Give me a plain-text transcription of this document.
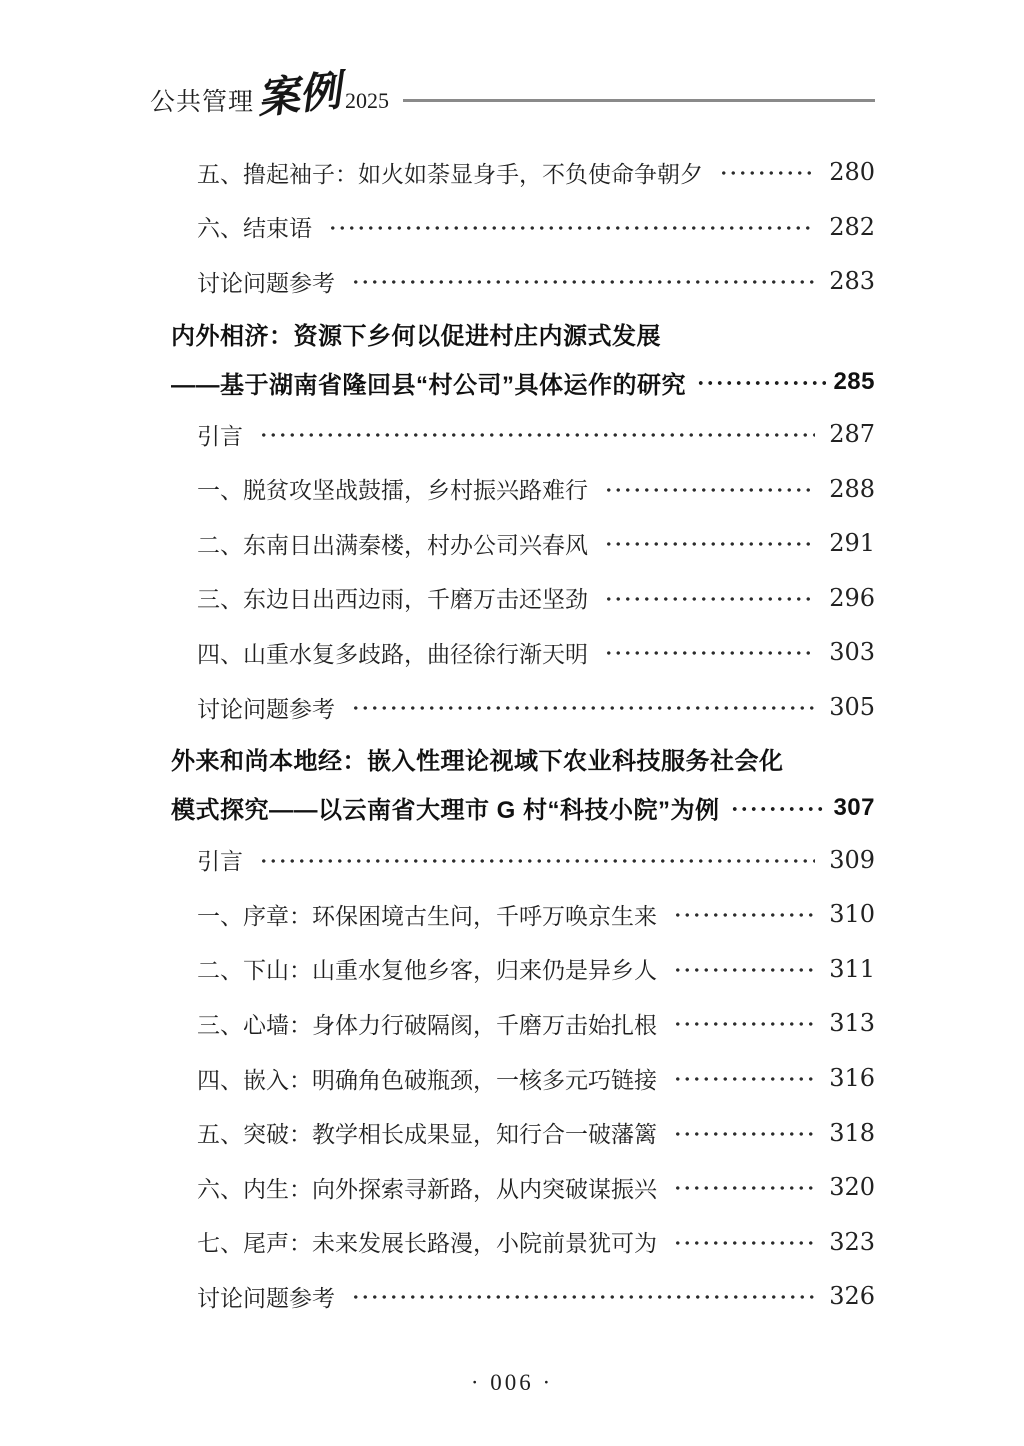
公共管理 案例 2025
五、撸起袖子：如火如荼显身手，不负使命争朝夕	280
六、结束语	282
讨论问题参考	283
内外相济：资源下乡何以促进村庄内源式发展
——基于湖南省隆回县“村公司”具体运作的研究	285
引言	287
一、脱贫攻坚战鼓擂，乡村振兴路难行	288
二、东南日出满秦楼，村办公司兴春风	291
三、东边日出西边雨，千磨万击还坚劲	296
四、山重水复多歧路，曲径徐行渐天明	303
讨论问题参考	305
外来和尚本地经：嵌入性理论视域下农业科技服务社会化
模式探究——以云南省大理市 G 村“科技小院”为例	307
引言	309
一、序章：环保困境古生问，千呼万唤京生来	310
二、下山：山重水复他乡客，归来仍是异乡人	311
三、心墙：身体力行破隔阂，千磨万击始扎根	313
四、嵌入：明确角色破瓶颈，一核多元巧链接	316
五、突破：教学相长成果显，知行合一破藩篱	318
六、内生：向外探索寻新路，从内突破谋振兴	320
七、尾声：未来发展长路漫，小院前景犹可为	323
讨论问题参考	326
· 006 ·
